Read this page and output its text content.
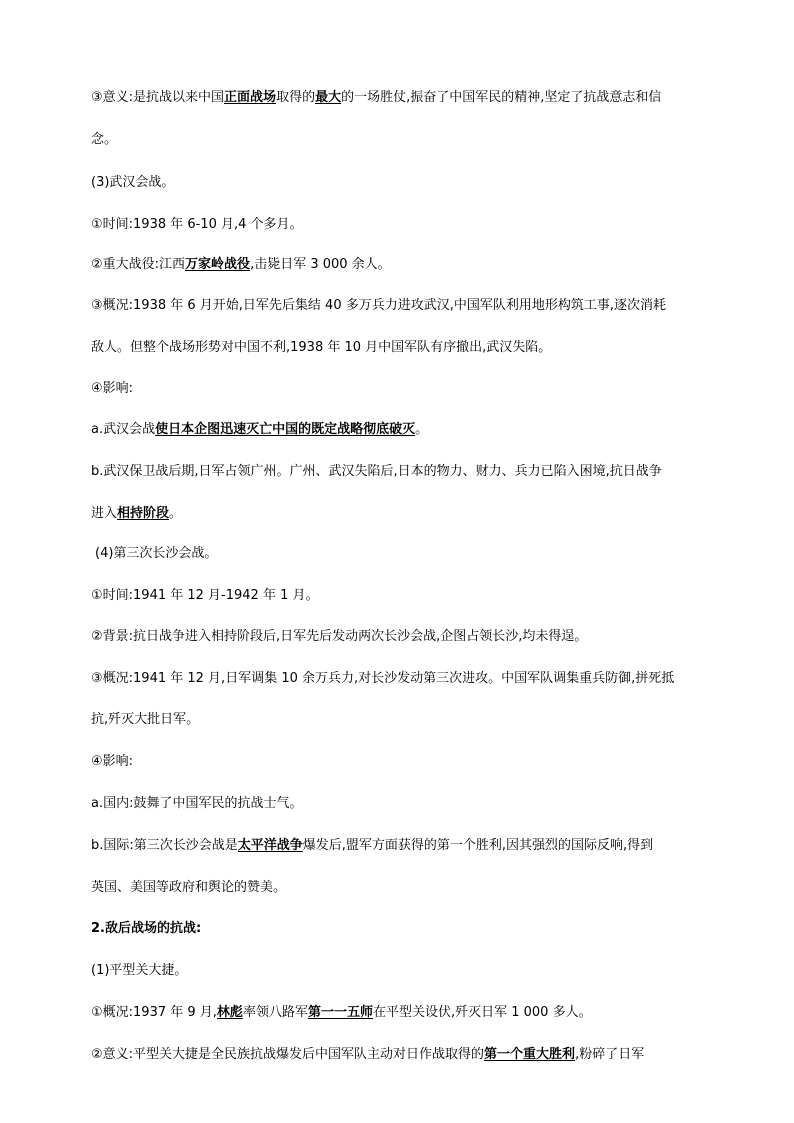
③意义:是抗战以来中国正面战场取得的最大的一场胜仗,振奋了中国军民的精神,坚定了抗战意志和信
念。
(3)武汉会战。
①时间:1938 年 6-10 月,4 个多月。
②重大战役:江西万家岭战役,击毙日军 3 000 余人。
③概况:1938 年 6 月开始,日军先后集结 40 多万兵力进攻武汉,中国军队利用地形构筑工事,逐次消耗
敌人。但整个战场形势对中国不利,1938 年 10 月中国军队有序撤出,武汉失陷。
④影响:
a.武汉会战使日本企图迅速灭亡中国的既定战略彻底破灭。
b.武汉保卫战后期,日军占领广州。广州、武汉失陷后,日本的物力、财力、兵力已陷入困境,抗日战争
进入相持阶段。
(4)第三次长沙会战。
①时间:1941 年 12 月-1942 年 1 月。
②背景:抗日战争进入相持阶段后,日军先后发动两次长沙会战,企图占领长沙,均未得逞。
③概况:1941 年 12 月,日军调集 10 余万兵力,对长沙发动第三次进攻。中国军队调集重兵防御,拼死抵
抗,歼灭大批日军。
④影响:
a.国内:鼓舞了中国军民的抗战士气。
b.国际:第三次长沙会战是太平洋战争爆发后,盟军方面获得的第一个胜利,因其强烈的国际反响,得到
英国、美国等政府和舆论的赞美。
2.敌后战场的抗战:
(1)平型关大捷。
①概况:1937 年 9 月,林彪率领八路军第一一五师在平型关设伏,歼灭日军 1 000 多人。
②意义:平型关大捷是全民族抗战爆发后中国军队主动对日作战取得的第一个重大胜利,粉碎了日军
